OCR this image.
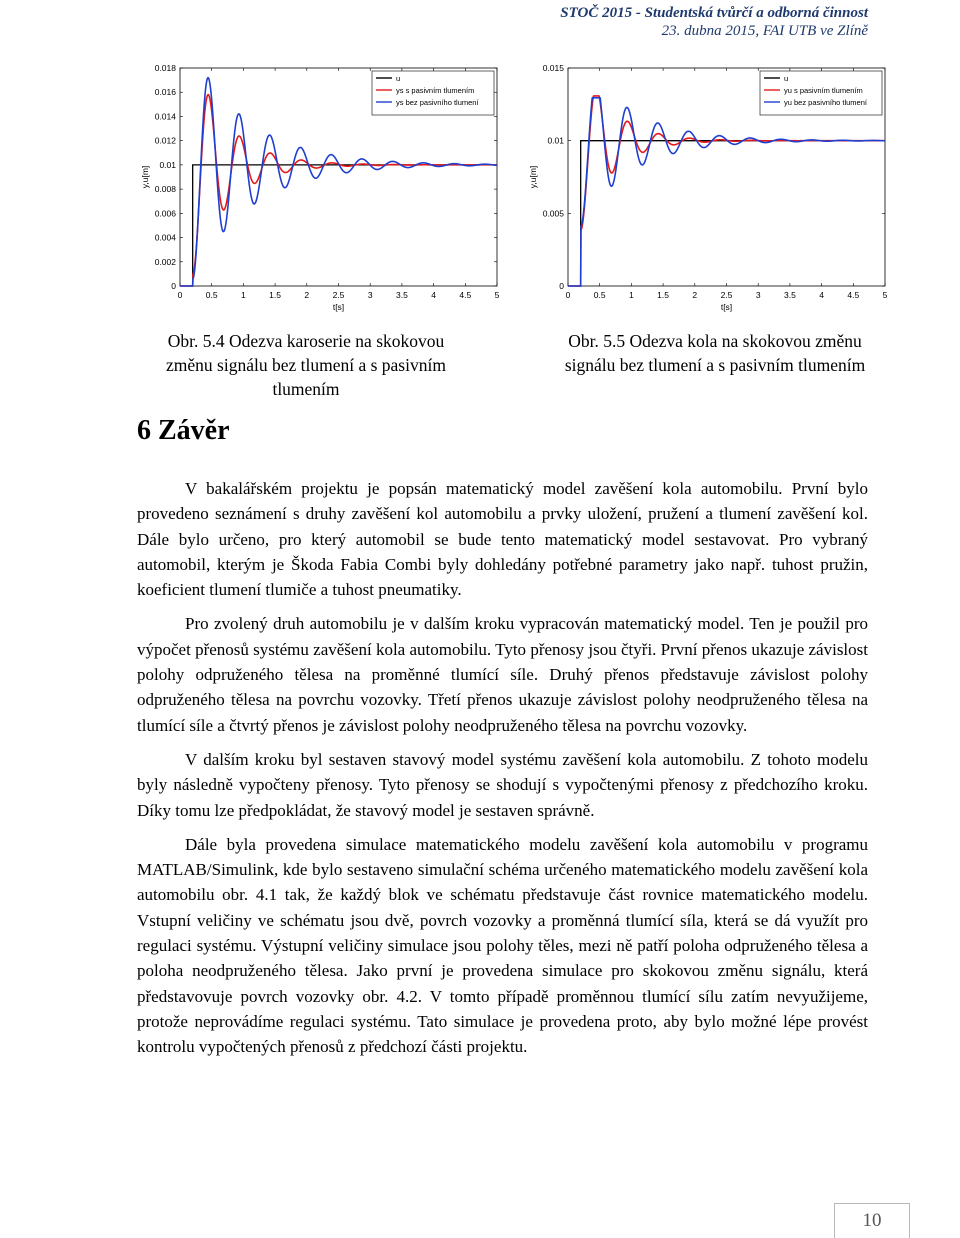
STOČ 2015 - Studentská tvůrčí a odborná činnost
23. dubna 2015, FAI UTB ve Zlíně
0	0.5	1	1.5	2	2.5	3	3.5	4	4.5	5
0
0.002
0.004
0.006
0.008
0.01
0.012
0.014
0.016
0.018
t[s]
y,u[m]
u
ys s pasivním tlumením
ys bez pasivního tlumení
0	0.5	1	1.5	2	2.5	3	3.5	4	4.5	5
0
0.005
0.01
0.015
t[s]
y,u[m]
u
yu s pasivním tlumením
yu bez pasivního tlumení
Obr. 5.4 Odezva karoserie na skokovou
změnu signálu bez tlumení a s pasivním
tlumením
Obr. 5.5 Odezva kola na skokovou změnu
signálu bez tlumení a s pasivním tlumením
6 Závěr

V bakalářském projektu je popsán matematický model zavěšení kola automobilu. První bylo provedeno seznámení s druhy zavěšení kol automobilu a prvky uložení, pružení a tlumení zavěšení kol. Dále bylo určeno, pro který automobil se bude tento matematický model sestavovat. Pro vybraný automobil, kterým je Škoda Fabia Combi byly dohledány potřebné parametry jako např. tuhost pružin, koeficient tlumení tlumiče a tuhost pneumatiky.

Pro zvolený druh automobilu je v dalším kroku vypracován matematický model. Ten je použil pro výpočet přenosů systému zavěšení kola automobilu. Tyto přenosy jsou čtyři. První přenos ukazuje závislost polohy odpruženého tělesa na proměnné tlumící síle. Druhý přenos představuje závislost polohy odpruženého tělesa na povrchu vozovky. Třetí přenos ukazuje závislost polohy neodpruženého tělesa na tlumící síle a čtvrtý přenos je závislost polohy neodpruženého tělesa na povrchu vozovky.

V dalším kroku byl sestaven stavový model systému zavěšení kola automobilu. Z tohoto modelu byly následně vypočteny přenosy. Tyto přenosy se shodují s vypočtenými přenosy z předchozího kroku. Díky tomu lze předpokládat, že stavový model je sestaven správně.

Dále byla provedena simulace matematického modelu zavěšení kola automobilu v programu MATLAB/Simulink, kde bylo sestaveno simulační schéma určeného matematického modelu zavěšení kola automobilu obr. 4.1 tak, že každý blok ve schématu představuje část rovnice matematického modelu. Vstupní veličiny ve schématu jsou dvě, povrch vozovky a proměnná tlumící síla, která se dá využít pro regulaci systému. Výstupní veličiny simulace jsou polohy těles, mezi ně patří poloha odpruženého tělesa a poloha neodpruženého tělesa. Jako první je provedena simulace pro skokovou změnu signálu, která představovuje povrch vozovky obr. 4.2. V tomto případě proměnnou tlumící sílu zatím nevyužijeme, protože neprovádíme regulaci systému. Tato simulace je provedena proto, aby bylo možné lépe provést kontrolu vypočtených přenosů z předchozí části projektu.

10
